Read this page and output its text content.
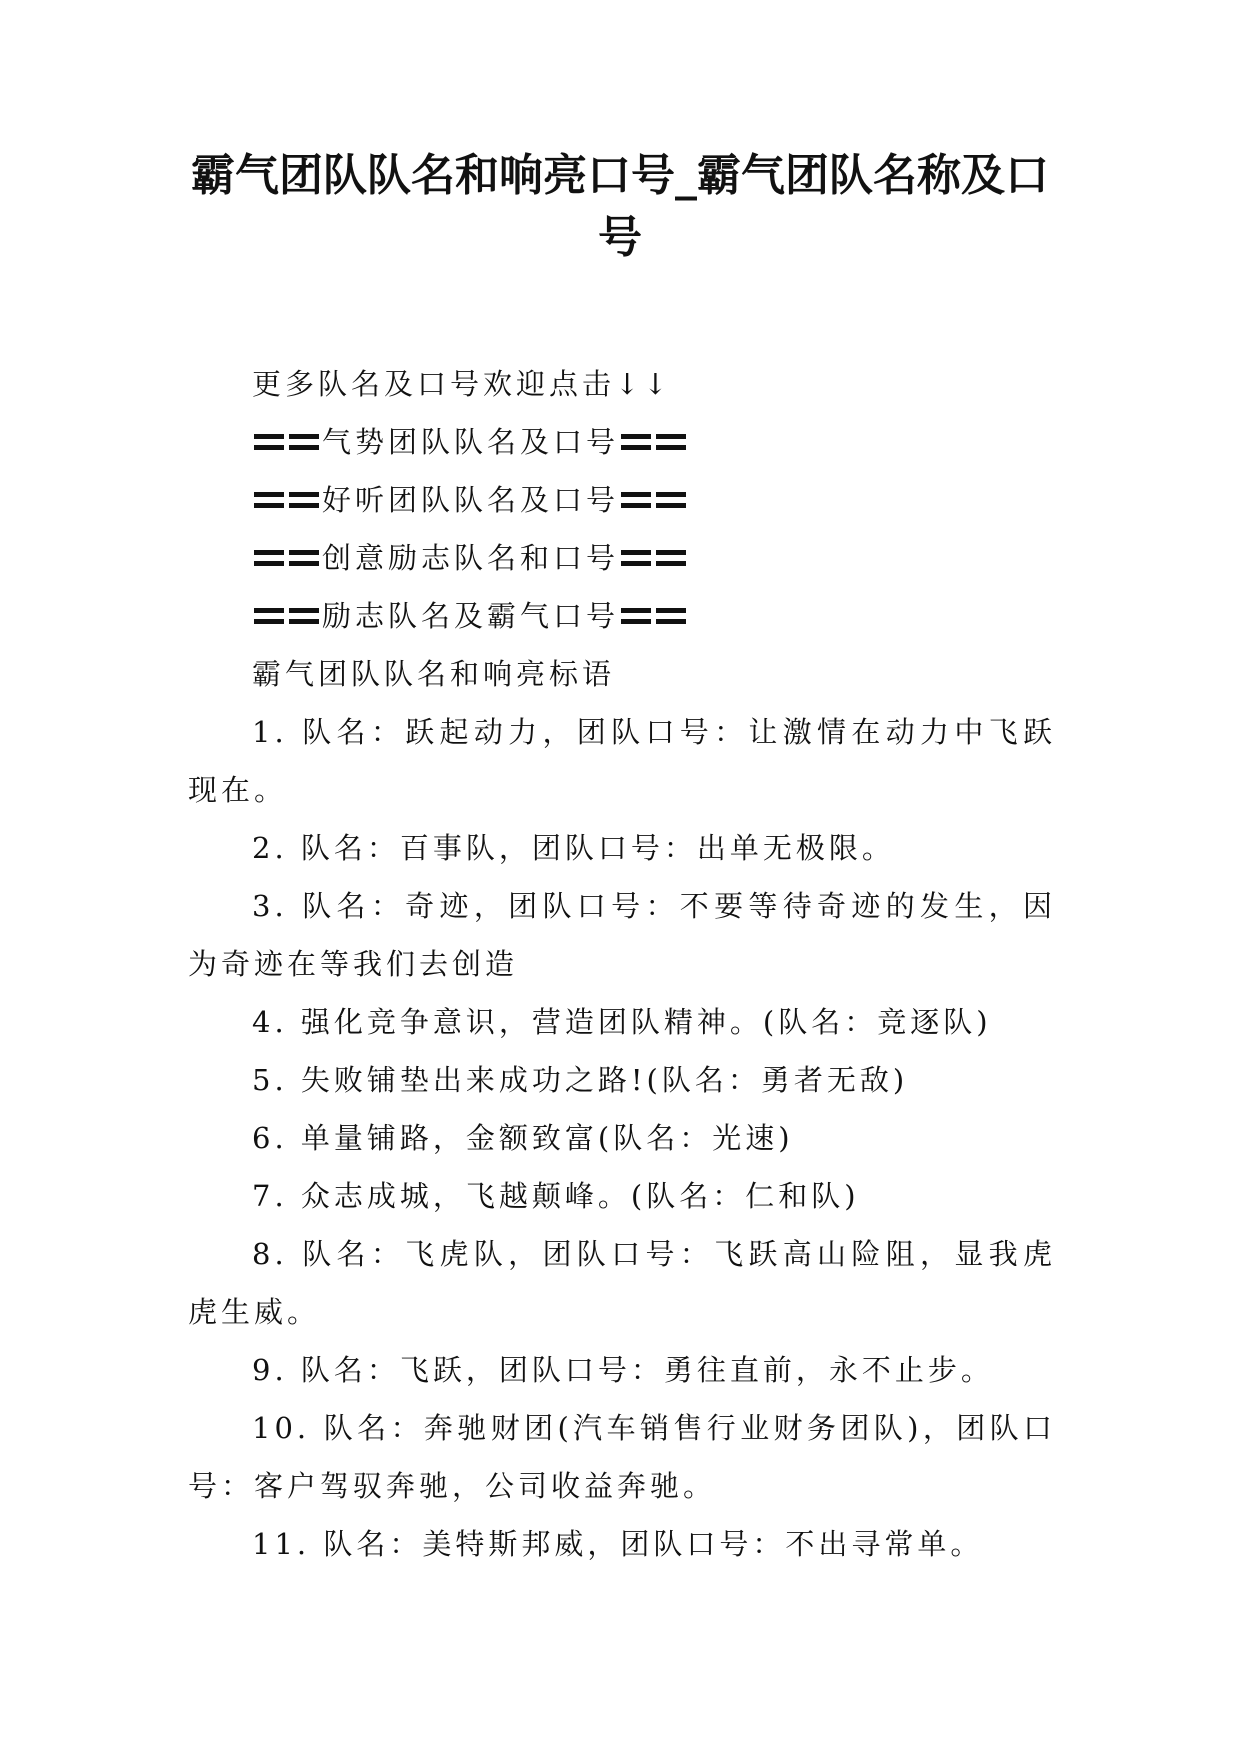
霸气团队队名和响亮口号_霸气团队名称及口号

更多队名及口号欢迎点击↓↓

气势团队队名及口号

好听团队队名及口号

创意励志队名和口号

励志队名及霸气口号

霸气团队队名和响亮标语

1. 队名：跃起动力，团队口号：让激情在动力中飞跃现在。

2. 队名：百事队，团队口号：出单无极限。

3. 队名：奇迹，团队口号：不要等待奇迹的发生，因为奇迹在等我们去创造

4. 强化竞争意识，营造团队精神。(队名：竞逐队)

5. 失败铺垫出来成功之路!(队名：勇者无敌)

6. 单量铺路，金额致富(队名：光速)

7. 众志成城，飞越颠峰。(队名：仁和队)

8. 队名：飞虎队，团队口号：飞跃高山险阻，显我虎虎生威。

9. 队名：飞跃，团队口号：勇往直前，永不止步。

10. 队名：奔驰财团(汽车销售行业财务团队)，团队口号：客户驾驭奔驰，公司收益奔驰。

11. 队名：美特斯邦威，团队口号：不出寻常单。
